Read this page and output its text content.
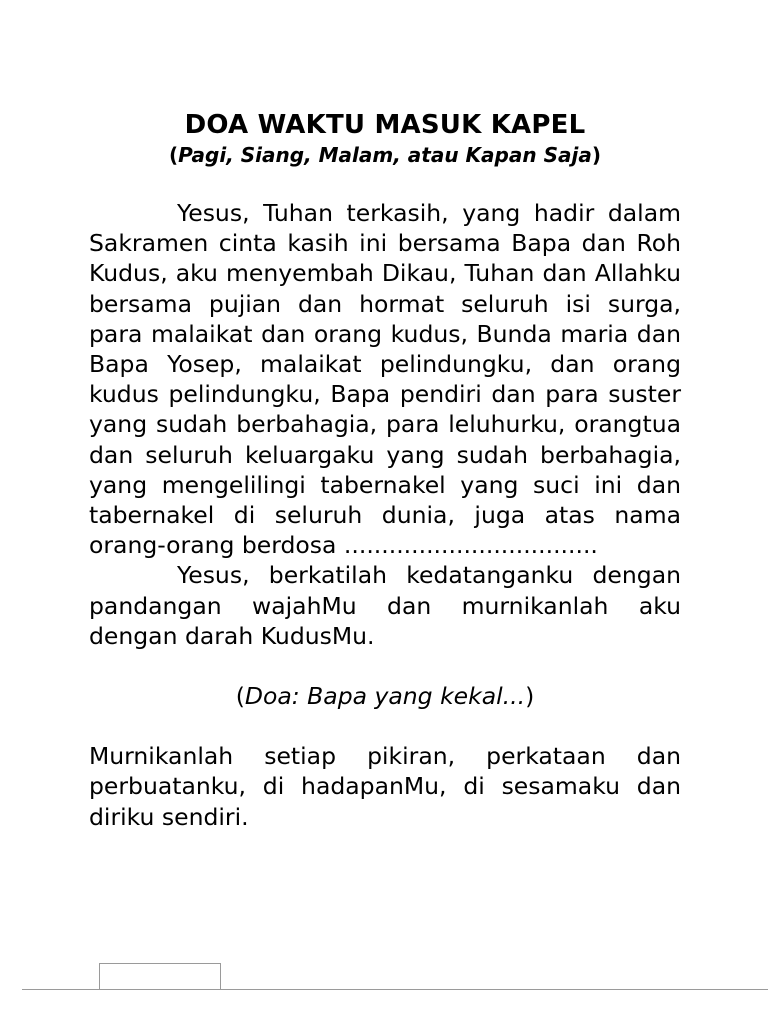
DOA WAKTU MASUK KAPEL

(Pagi, Siang, Malam, atau Kapan Saja)

Yesus, Tuhan terkasih, yang hadir dalam Sakramen cinta kasih ini bersama Bapa dan Roh Kudus, aku menyembah Dikau, Tuhan dan Allahku bersama pujian dan hormat seluruh isi surga, para malaikat dan orang kudus, Bunda maria dan Bapa Yosep, malaikat pelindungku, dan orang kudus pelindungku, Bapa pendiri dan para suster yang sudah berbahagia, para leluhurku, orangtua dan seluruh keluargaku yang sudah berbahagia, yang mengelilingi tabernakel yang suci ini dan tabernakel di seluruh dunia, juga atas nama orang-orang berdosa ..................................

Yesus, berkatilah kedatanganku dengan pandangan wajahMu dan murnikanlah aku dengan darah KudusMu.

(Doa: Bapa yang kekal...)

Murnikanlah setiap pikiran, perkataan dan perbuatanku, di hadapanMu, di sesamaku dan diriku sendiri.
